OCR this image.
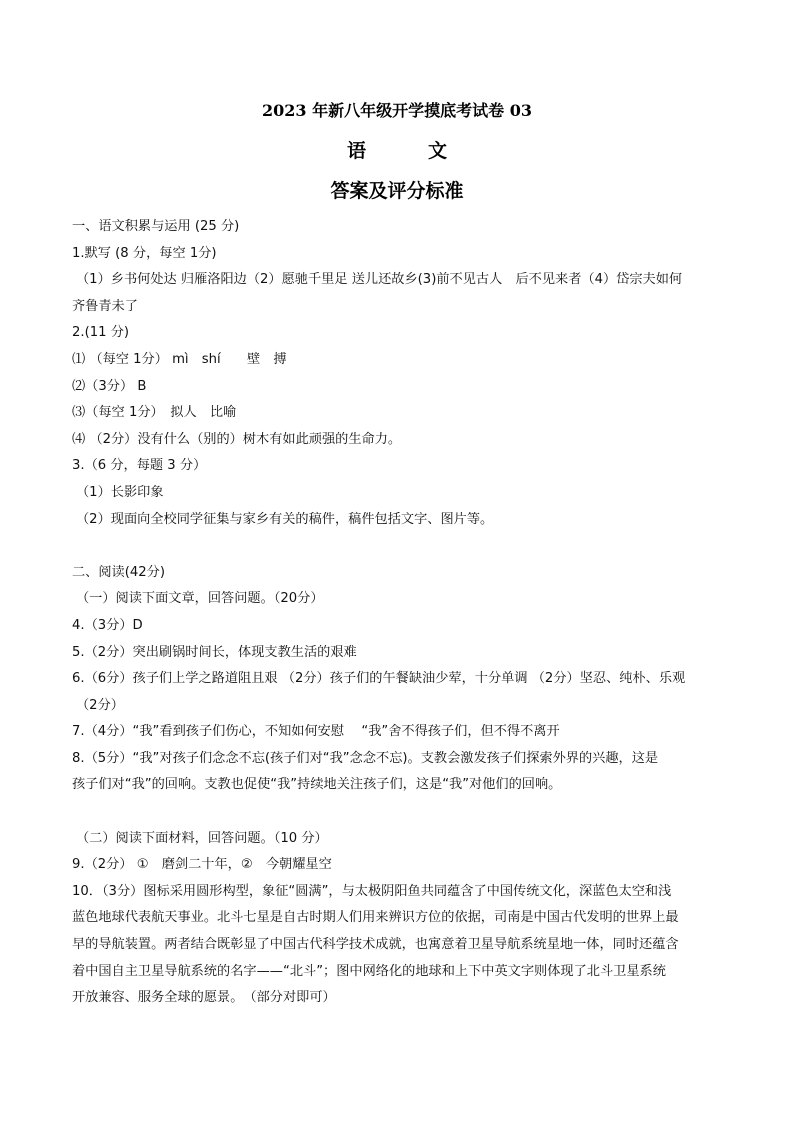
2023 年新八年级开学摸底考试卷 03
语文
答案及评分标准
一、语文积累与运用 (25 分)
1.默写 (8 分，每空 1分)
（1）乡书何处达 归雁洛阳边（2）愿驰千里足 送儿还故乡(3)前不见古人　后不见来者（4）岱宗夫如何
齐鲁青未了
2.(11 分)
⑴ （每空 1分） mì　shí　　壁　搏
⑵（3分） B
⑶（每空 1分）　拟人　比喻
⑷ （2分）没有什么（别的）树木有如此顽强的生命力。
3.（6 分，每题 3 分）
（1）长影印象
（2）现面向全校同学征集与家乡有关的稿件，稿件包括文字、图片等。
二、阅读(42分)
（一）阅读下面文章，回答问题。（20分）
4.（3分）D
5.（2分）突出刷锅时间长，体现支教生活的艰难
6.（6分）孩子们上学之路道阻且艰 （2分）孩子们的午餐缺油少荤，十分单调 （2分）坚忍、纯朴、乐观
（2分）
7.（4分）“我”看到孩子们伤心，不知如何安慰　 “我”舍不得孩子们，但不得不离开
8.（5分）“我”对孩子们念念不忘(孩子们对“我”念念不忘)。支教会激发孩子们探索外界的兴趣，这是
孩子们对“我”的回响。支教也促使“我”持续地关注孩子们，这是“我”对他们的回响。
（二）阅读下面材料，回答问题。（10 分）
9.（2分） ①　磨剑二十年，②　今朝耀星空
10．（3分）图标采用圆形构型，象征“圆满”，与太极阴阳鱼共同蕴含了中国传统文化，深蓝色太空和浅
蓝色地球代表航天事业。北斗七星是自古时期人们用来辨识方位的依据，司南是中国古代发明的世界上最
早的导航装置。两者结合既彰显了中国古代科学技术成就，也寓意着卫星导航系统星地一体，同时还蕴含
着中国自主卫星导航系统的名字——“北斗”；图中网络化的地球和上下中英文字则体现了北斗卫星系统
开放兼容、服务全球的愿景。　（部分对即可）
